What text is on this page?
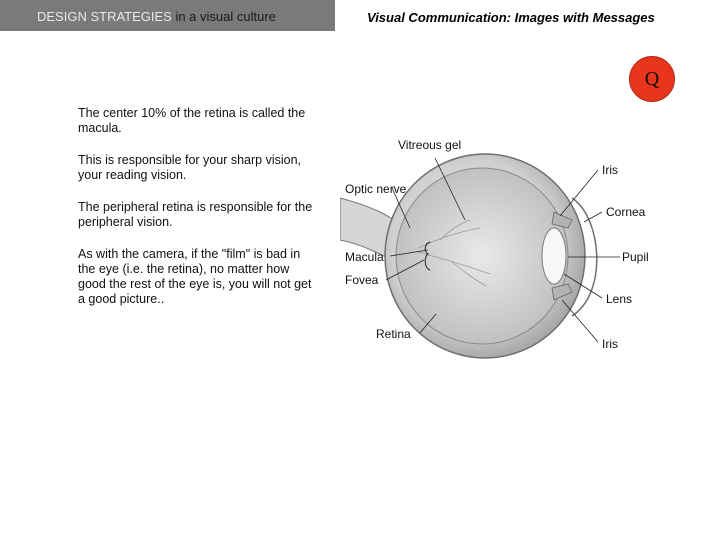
DESIGN STRATEGIES in a visual culture	Visual Communication: Images with Messages
Q

The center 10% of the retina is called the macula.

This is responsible for your sharp vision, your reading vision.

The peripheral retina is responsible for the peripheral vision.

As with the camera, if the "film" is bad in the eye (i.e. the retina), no matter how good the rest of the eye is, you will not get a good picture..

Vitreous gel
Optic nerve
Iris
Cornea
Macula
Fovea
Pupil
Lens
Retina
Iris
